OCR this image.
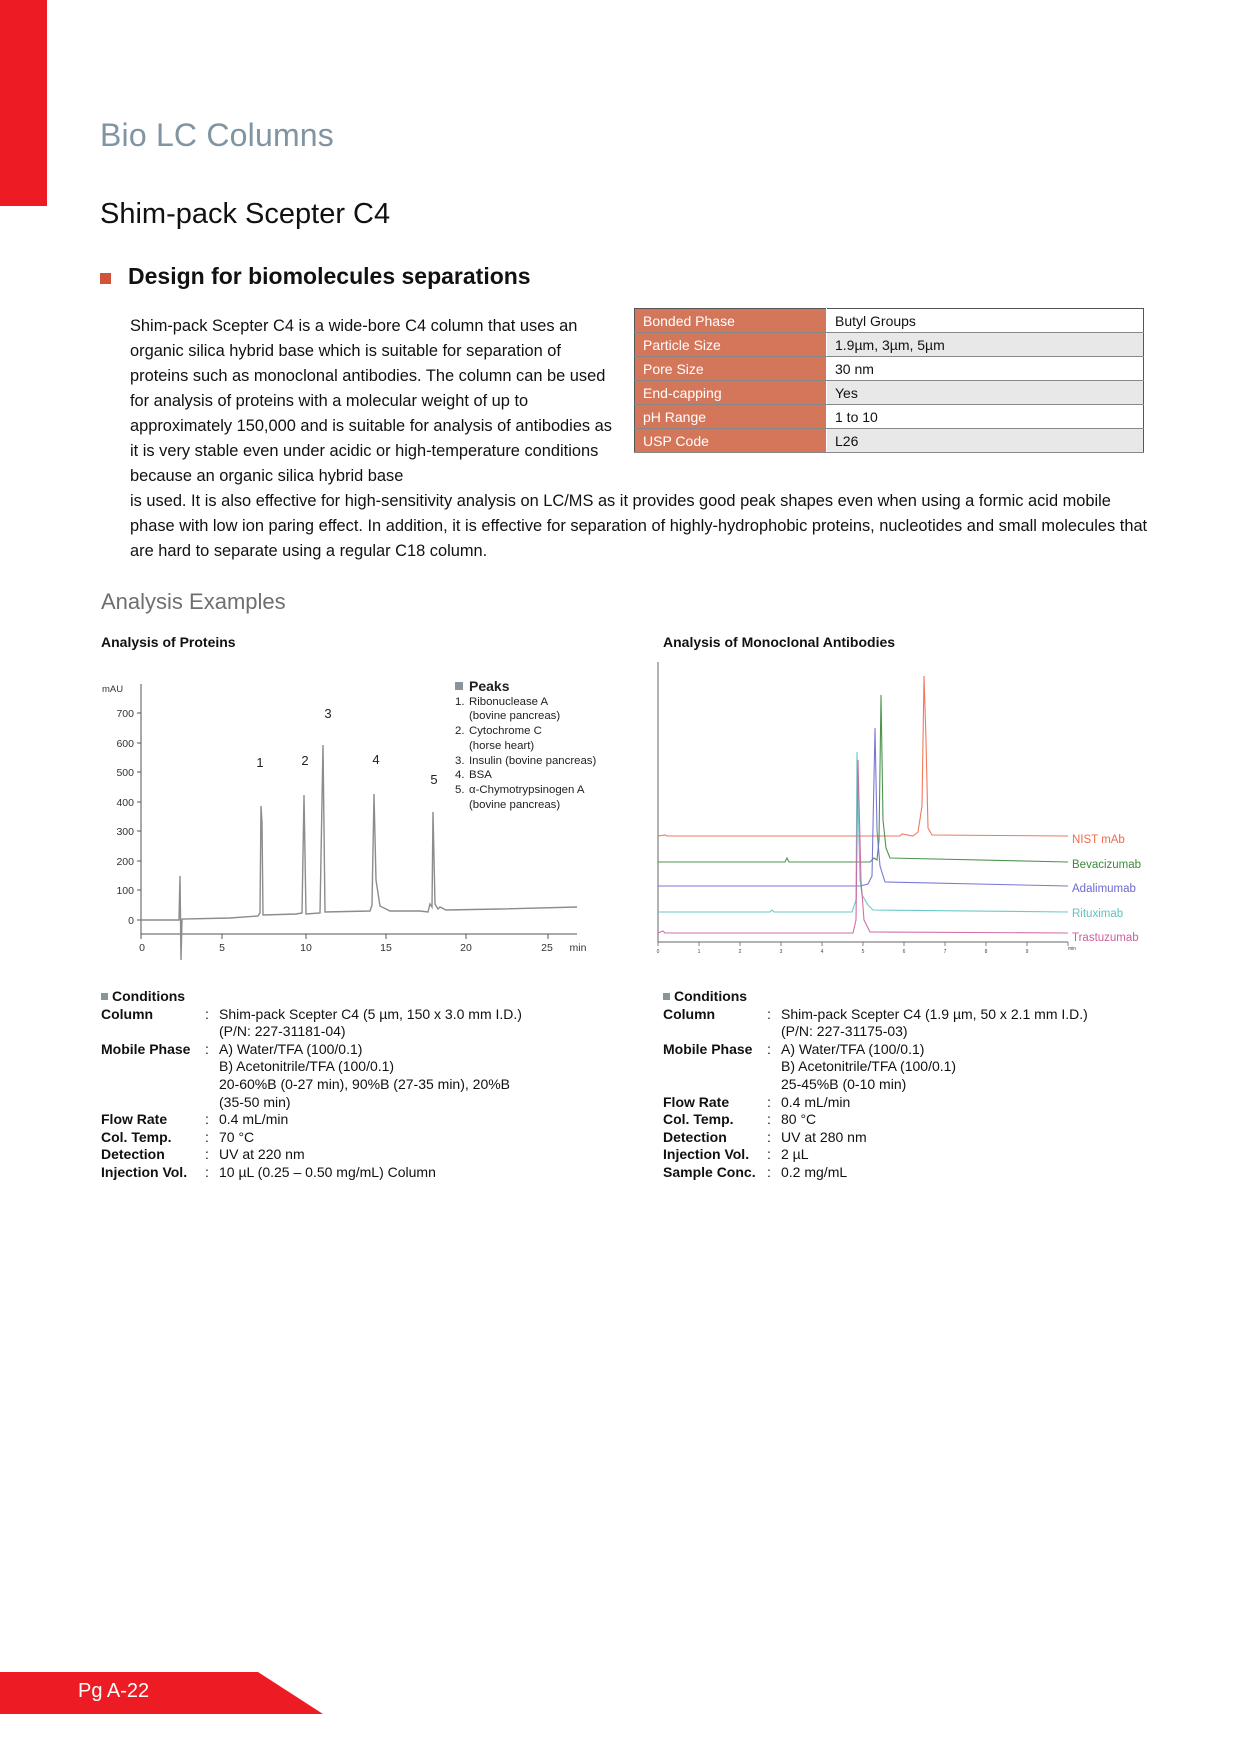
Bio LC Columns
Shim-pack Scepter C4
Design for biomolecules separations
Shim-pack Scepter C4 is a wide-bore C4 column that uses an organic silica hybrid base which is suitable for separation of proteins such as monoclonal antibodies. The column can be used for analysis of proteins with a molecular weight of up to approximately 150,000 and is suitable for analysis of antibodies as it is very stable even under acidic or high-temperature conditions because an organic silica hybrid base
is used. It is also effective for high-sensitivity analysis on LC/MS as it provides good peak shapes even when using a formic acid mobile phase with low ion paring effect. In addition, it is effective for separation of highly-hydrophobic proteins, nucleotides and small molecules that are hard to separate using a regular C18 column.
Bonded Phase	Butyl Groups
Particle Size	1.9µm, 3µm, 5µm
Pore Size	30 nm
End-capping	Yes
pH Range	1 to 10
USP Code	L26
Analysis Examples
Analysis of Proteins	Analysis of Monoclonal Antibodies
mAU
0
100
200
300
400
500
600
700
0	5	10	15	20	25 min
1	2
3
4
5
0	1	2	3	4	5	6	7	8	9	min
NIST mAb
Bevacizumab
Adalimumab
Rituximab
Trastuzumab
Peaks
1. Ribonuclease A
(bovine pancreas)
2. Cytochrome C
(horse heart)
3. Insulin (bovine pancreas)
4. BSA
5. α-Chymotrypsinogen A
(bovine pancreas)
Conditions
Column	: Shim-pack Scepter C4 (5 µm, 150 x 3.0 mm I.D.)
(P/N: 227-31181-04)
Mobile Phase	: A) Water/TFA (100/0.1)
B) Acetonitrile/TFA (100/0.1)
20-60%B (0-27 min), 90%B (27-35 min), 20%B
(35-50 min)
Flow Rate	: 0.4 mL/min
Col. Temp.	: 70 °C
Detection	: UV at 220 nm
Injection Vol.	: 10 µL (0.25 – 0.50 mg/mL) Column
Conditions
Column	: Shim-pack Scepter C4 (1.9 µm, 50 x 2.1 mm I.D.)
(P/N: 227-31175-03)
Mobile Phase	: A) Water/TFA (100/0.1)
B) Acetonitrile/TFA (100/0.1)
25-45%B (0-10 min)
Flow Rate	: 0.4 mL/min
Col. Temp.	: 80 °C
Detection	: UV at 280 nm
Injection Vol.	: 2 µL
Sample Conc. : 0.2 mg/mL
Pg A-22
